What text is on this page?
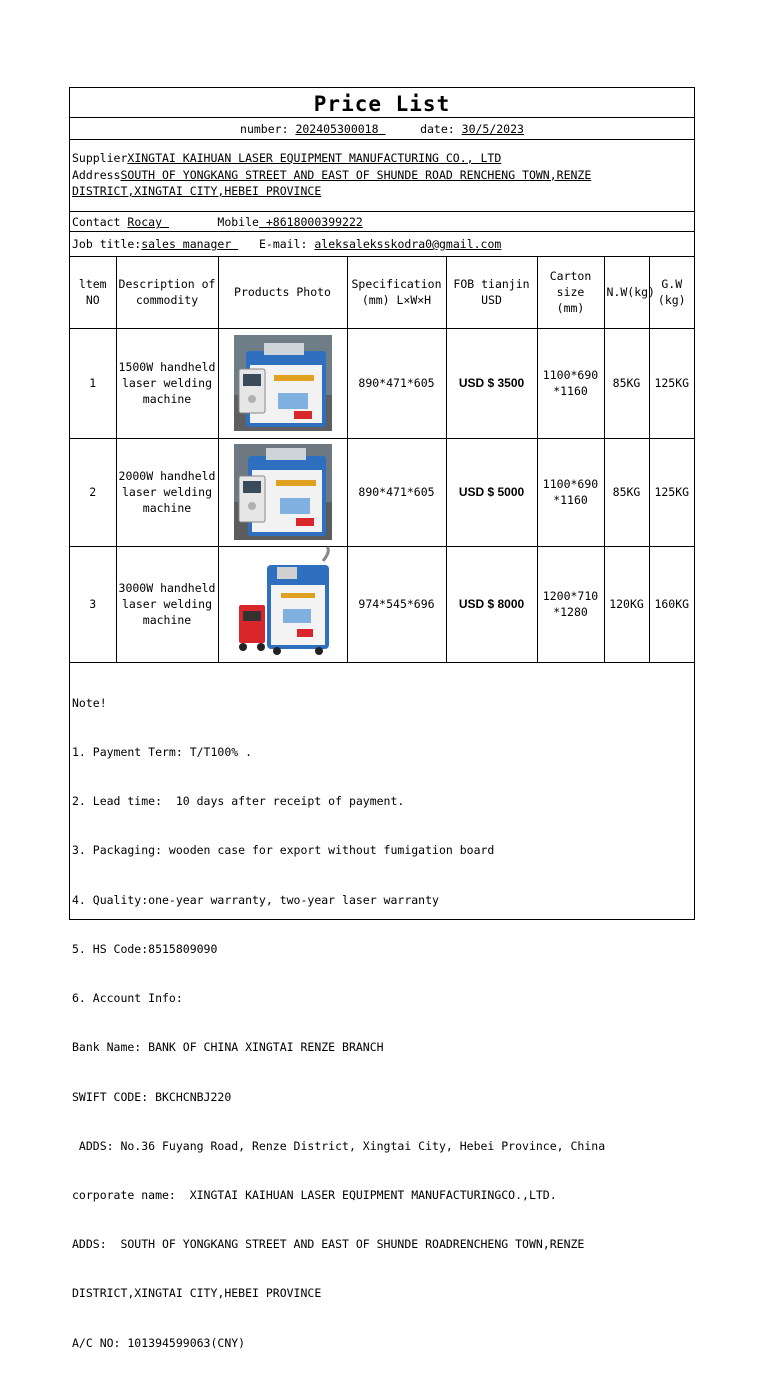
Price List
number: 202405300018	date: 30/5/2023
SupplierXINGTAI KAIHUAN LASER EQUIPMENT MANUFACTURING CO., LTD
AddressSOUTH OF YONGKANG STREET AND EAST OF SHUNDE ROAD RENCHENG TOWN,RENZE
DISTRICT,XINGTAI CITY,HEBEI PROVINCE
Contact Rocay	Mobile +8618000399222
Job title:sales manager    E-mail: aleksaleksskodra0@gmail.com
ltem NO	Description of commodity	Products Photo	Specification (mm) L×W×H	FOB tianjin USD	Carton size (mm)	N.W(kg)	G.W (kg)
1	1500W handheld laser welding machine		890*471*605	USD $ 3500	1100*690 *1160	85KG	125KG
2	2000W handheld laser welding machine		890*471*605	USD $ 5000	1100*690 *1160	85KG	125KG
3	3000W handheld laser welding machine		974*545*696	USD $ 8000	1200*710 *1280	120KG	160KG

Note!

1. Payment Term: T/T100% .

2. Lead time:  10 days after receipt of payment.

3. Packaging: wooden case for export without fumigation board

4. Quality:one-year warranty, two-year laser warranty

5. HS Code:8515809090

6. Account Info:

Bank Name: BANK OF CHINA XINGTAI RENZE BRANCH

SWIFT CODE: BKCHCNBJ220

ADDS: No.36 Fuyang Road, Renze District, Xingtai City, Hebei Province, China

corporate name:  XINGTAI KAIHUAN LASER EQUIPMENT MANUFACTURINGCO.,LTD.

ADDS:  SOUTH OF YONGKANG STREET AND EAST OF SHUNDE ROADRENCHENG TOWN,RENZE

DISTRICT,XINGTAI CITY,HEBEI PROVINCE

A/C NO: 101394599063(CNY)
